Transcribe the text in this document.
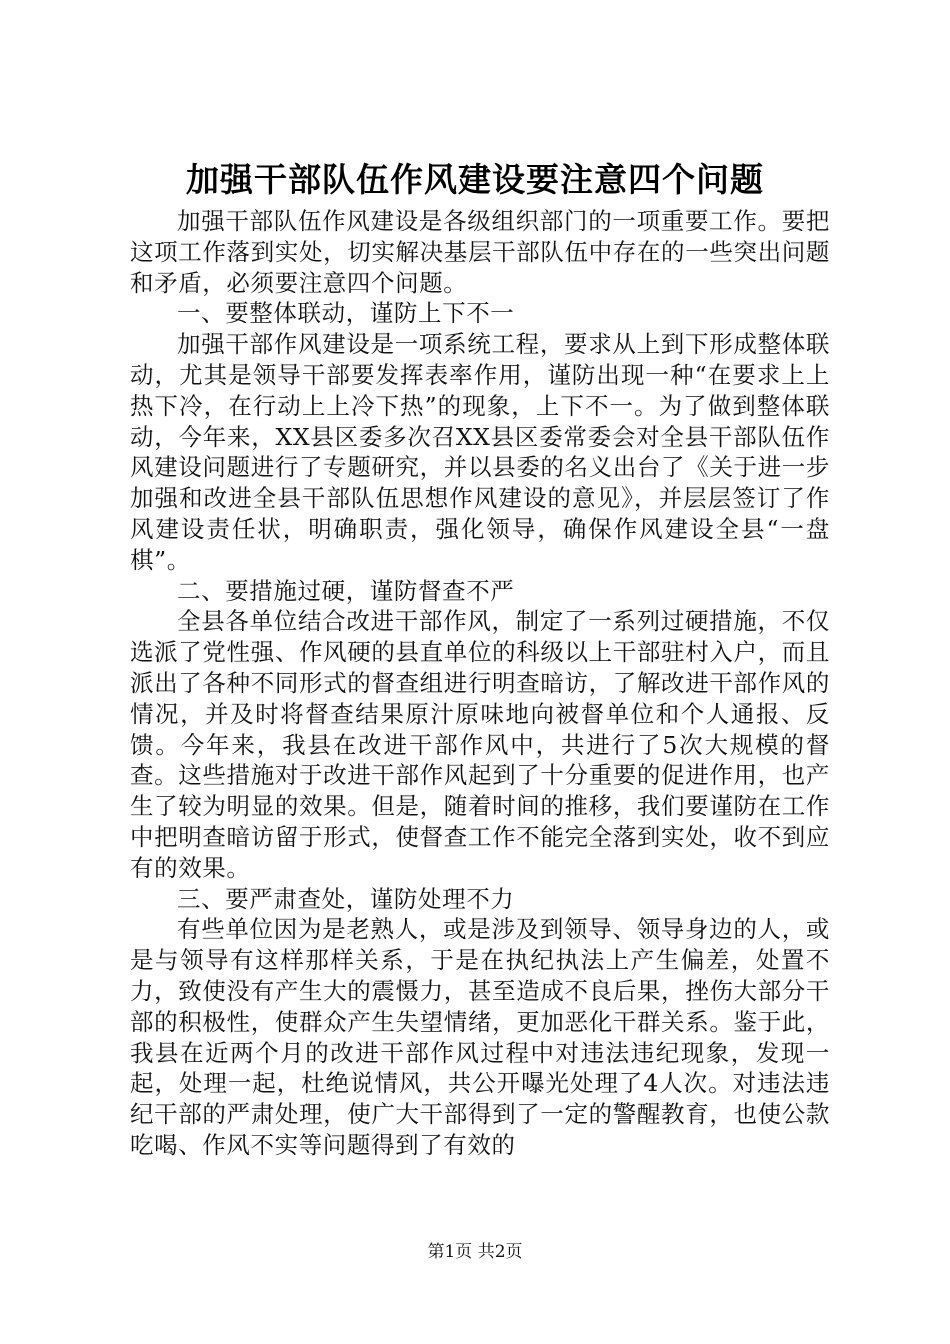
加强干部队伍作风建设要注意四个问题

加强干部队伍作风建设是各级组织部门的一项重要工作。要把这项工作落到实处，切实解决基层干部队伍中存在的一些突出问题和矛盾，必须要注意四个问题。

一、要整体联动，谨防上下不一

加强干部作风建设是一项系统工程，要求从上到下形成整体联动，尤其是领导干部要发挥表率作用，谨防出现一种“在要求上上热下冷，在行动上上冷下热”的现象，上下不一。为了做到整体联动，今年来，XX县区委多次召XX县区委常委会对全县干部队伍作风建设问题进行了专题研究，并以县委的名义出台了《关于进一步加强和改进全县干部队伍思想作风建设的意见》，并层层签订了作风建设责任状，明确职责，强化领导，确保作风建设全县“一盘棋”。

二、要措施过硬，谨防督查不严

全县各单位结合改进干部作风，制定了一系列过硬措施，不仅选派了党性强、作风硬的县直单位的科级以上干部驻村入户，而且派出了各种不同形式的督查组进行明查暗访，了解改进干部作风的情况，并及时将督查结果原汁原味地向被督单位和个人通报、反馈。今年来，我县在改进干部作风中，共进行了5次大规模的督查。这些措施对于改进干部作风起到了十分重要的促进作用，也产生了较为明显的效果。但是，随着时间的推移，我们要谨防在工作中把明查暗访留于形式，使督查工作不能完全落到实处，收不到应有的效果。

三、要严肃查处，谨防处理不力

有些单位因为是老熟人，或是涉及到领导、领导身边的人，或是与领导有这样那样关系，于是在执纪执法上产生偏差，处置不力，致使没有产生大的震慑力，甚至造成不良后果，挫伤大部分干部的积极性，使群众产生失望情绪，更加恶化干群关系。鉴于此，我县在近两个月的改进干部作风过程中对违法违纪现象，发现一起，处理一起，杜绝说情风，共公开曝光处理了4人次。对违法违纪干部的严肃处理，使广大干部得到了一定的警醒教育，也使公款吃喝、作风不实等问题得到了有效的

第1页 共2页
